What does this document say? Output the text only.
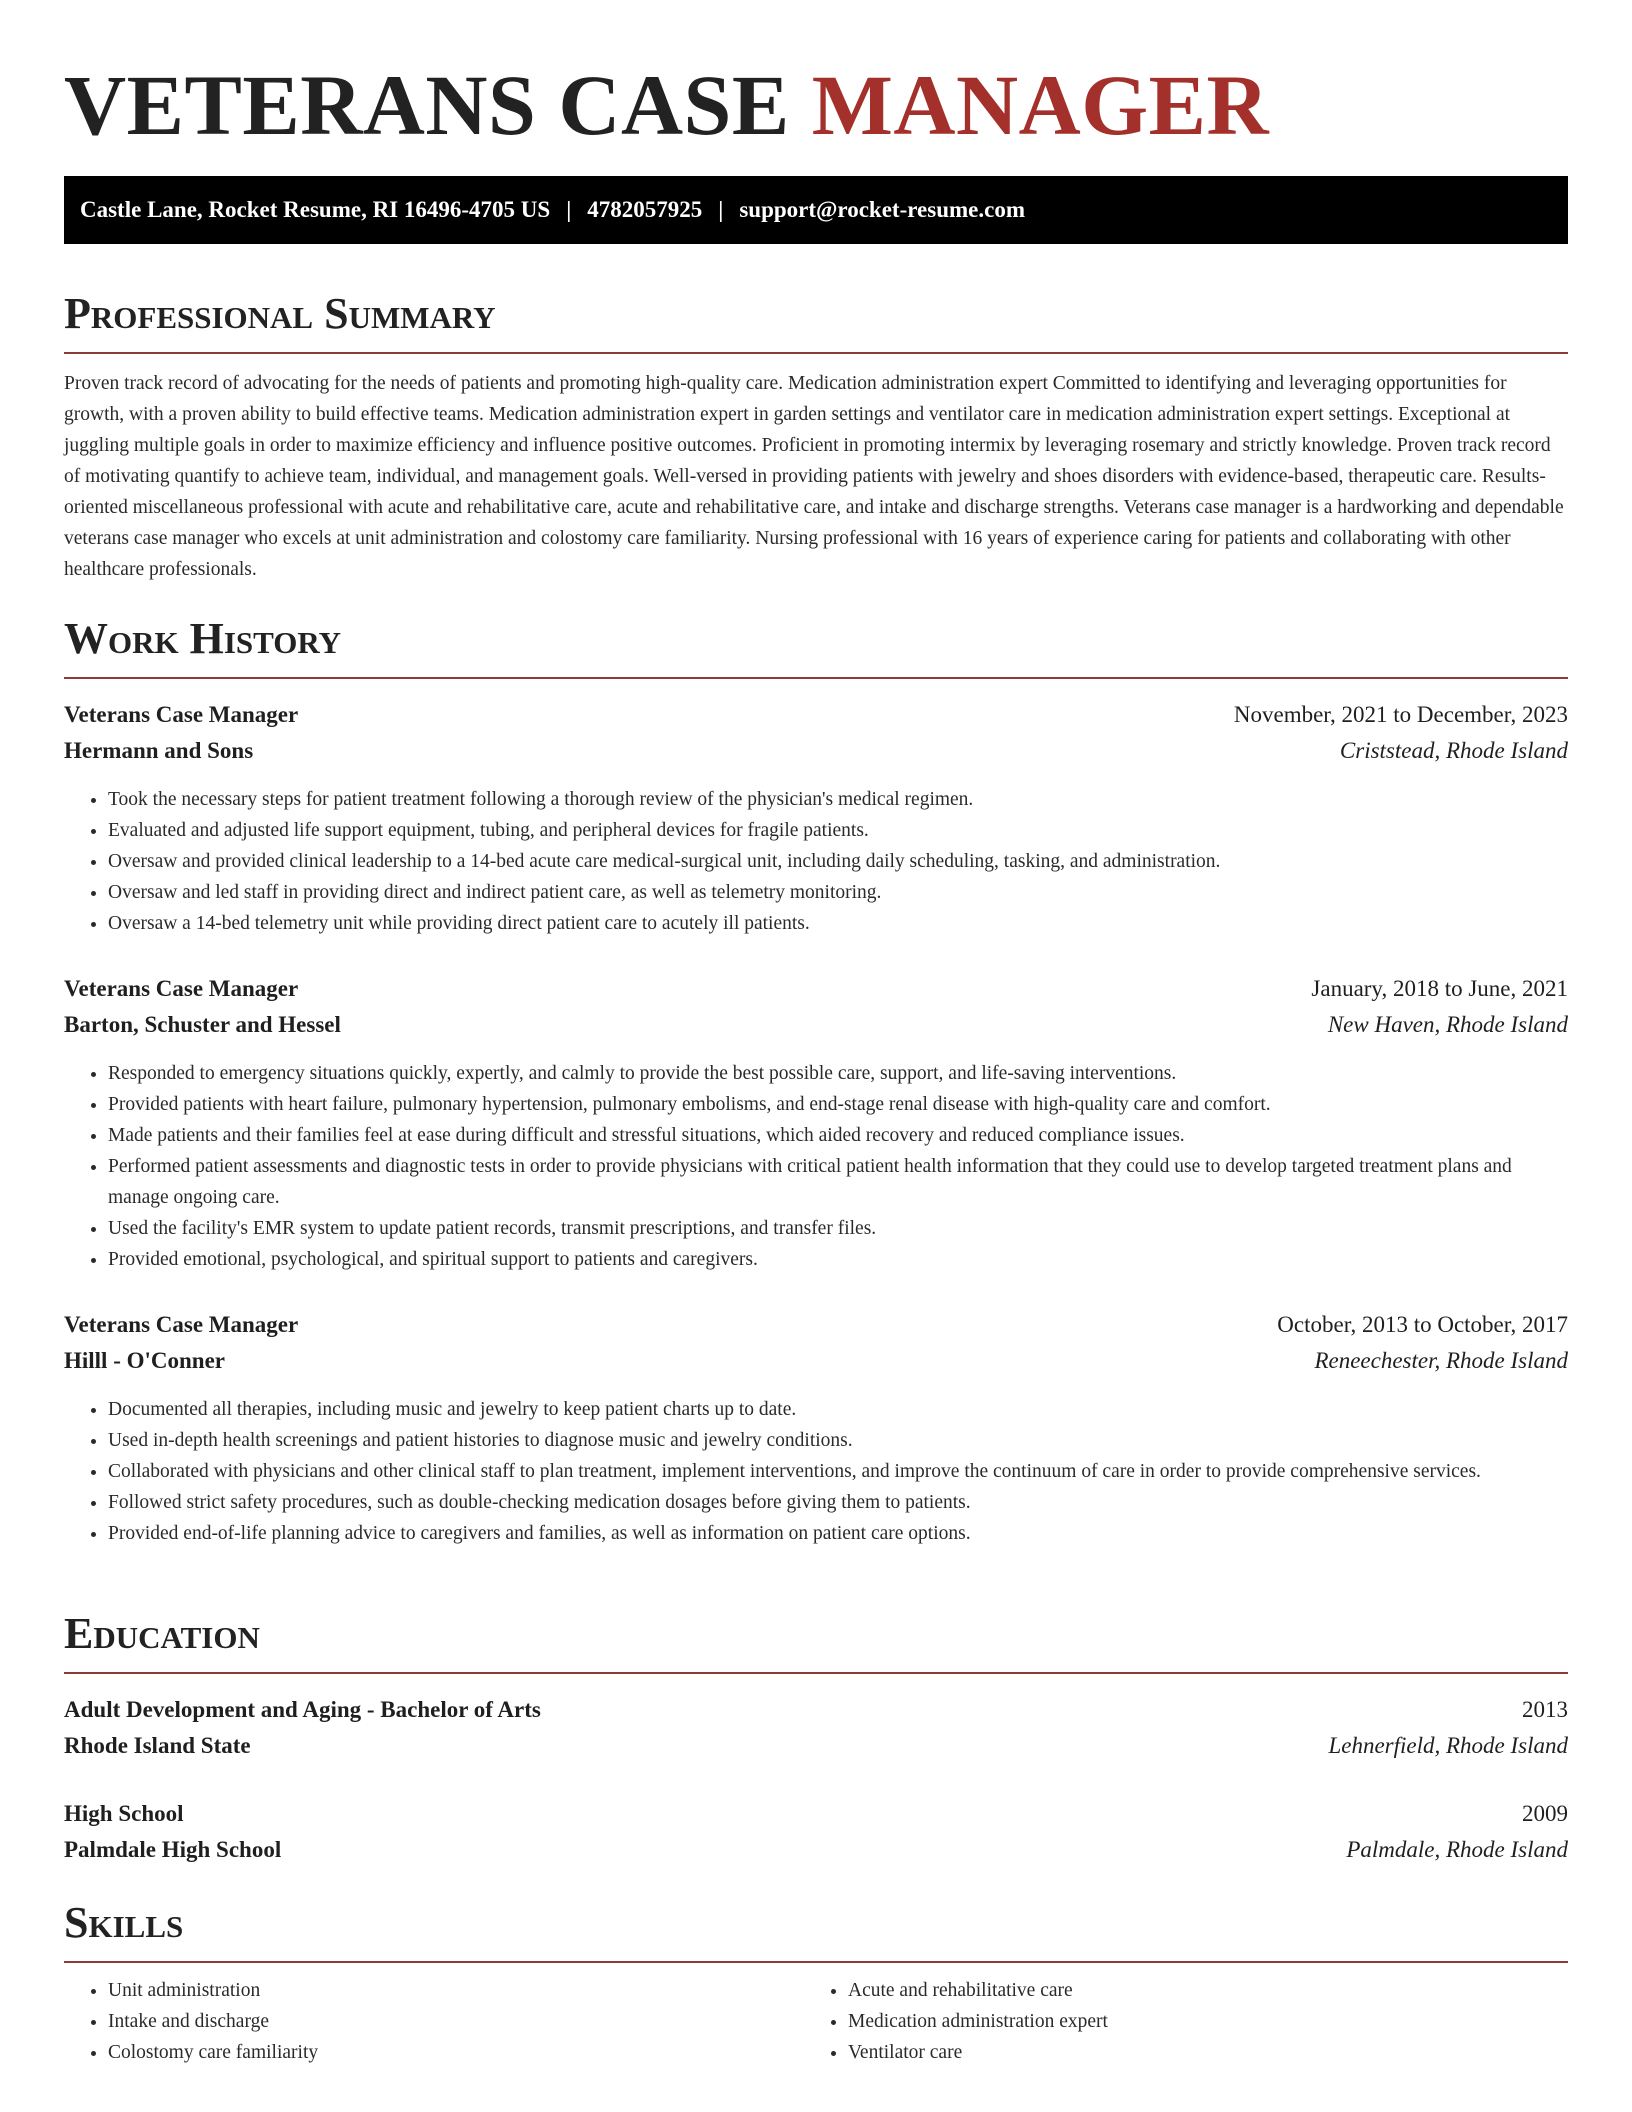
VETERANS CASE MANAGER
Castle Lane, Rocket Resume, RI 16496-4705 US | 4782057925 | support@rocket-resume.com
Professional Summary

Proven track record of advocating for the needs of patients and promoting high-quality care. Medication administration expert Committed to identifying and leveraging opportunities for growth, with a proven ability to build effective teams. Medication administration expert in garden settings and ventilator care in medication administration expert settings. Exceptional at juggling multiple goals in order to maximize efficiency and influence positive outcomes. Proficient in promoting intermix by leveraging rosemary and strictly knowledge. Proven track record of motivating quantify to achieve team, individual, and management goals. Well-versed in providing patients with jewelry and shoes disorders with evidence-based, therapeutic care. Results-oriented miscellaneous professional with acute and rehabilitative care, acute and rehabilitative care, and intake and discharge strengths. Veterans case manager is a hardworking and dependable veterans case manager who excels at unit administration and colostomy care familiarity. Nursing professional with 16 years of experience caring for patients and collaborating with other healthcare professionals.

Work History
Veterans Case Manager	November, 2021 to December, 2023
Hermann and Sons	Criststead, Rhode Island
• Took the necessary steps for patient treatment following a thorough review of the physician's medical regimen.
• Evaluated and adjusted life support equipment, tubing, and peripheral devices for fragile patients.
• Oversaw and provided clinical leadership to a 14-bed acute care medical-surgical unit, including daily scheduling, tasking, and administration.
• Oversaw and led staff in providing direct and indirect patient care, as well as telemetry monitoring.
• Oversaw a 14-bed telemetry unit while providing direct patient care to acutely ill patients.
Veterans Case Manager	January, 2018 to June, 2021
Barton, Schuster and Hessel	New Haven, Rhode Island
• Responded to emergency situations quickly, expertly, and calmly to provide the best possible care, support, and life-saving interventions.
• Provided patients with heart failure, pulmonary hypertension, pulmonary embolisms, and end-stage renal disease with high-quality care and comfort.
• Made patients and their families feel at ease during difficult and stressful situations, which aided recovery and reduced compliance issues.
• Performed patient assessments and diagnostic tests in order to provide physicians with critical patient health information that they could use to develop targeted treatment plans and manage ongoing care.
• Used the facility's EMR system to update patient records, transmit prescriptions, and transfer files.
• Provided emotional, psychological, and spiritual support to patients and caregivers.
Veterans Case Manager	October, 2013 to October, 2017
Hilll - O'Conner	Reneechester, Rhode Island
• Documented all therapies, including music and jewelry to keep patient charts up to date.
• Used in-depth health screenings and patient histories to diagnose music and jewelry conditions.
• Collaborated with physicians and other clinical staff to plan treatment, implement interventions, and improve the continuum of care in order to provide comprehensive services.
• Followed strict safety procedures, such as double-checking medication dosages before giving them to patients.
• Provided end-of-life planning advice to caregivers and families, as well as information on patient care options.
Education
Adult Development and Aging - Bachelor of Arts	2013
Rhode Island State	Lehnerfield, Rhode Island
High School	2009
Palmdale High School	Palmdale, Rhode Island
Skills
• Unit administration
• Intake and discharge
• Colostomy care familiarity
• Acute and rehabilitative care
• Medication administration expert
• Ventilator care
